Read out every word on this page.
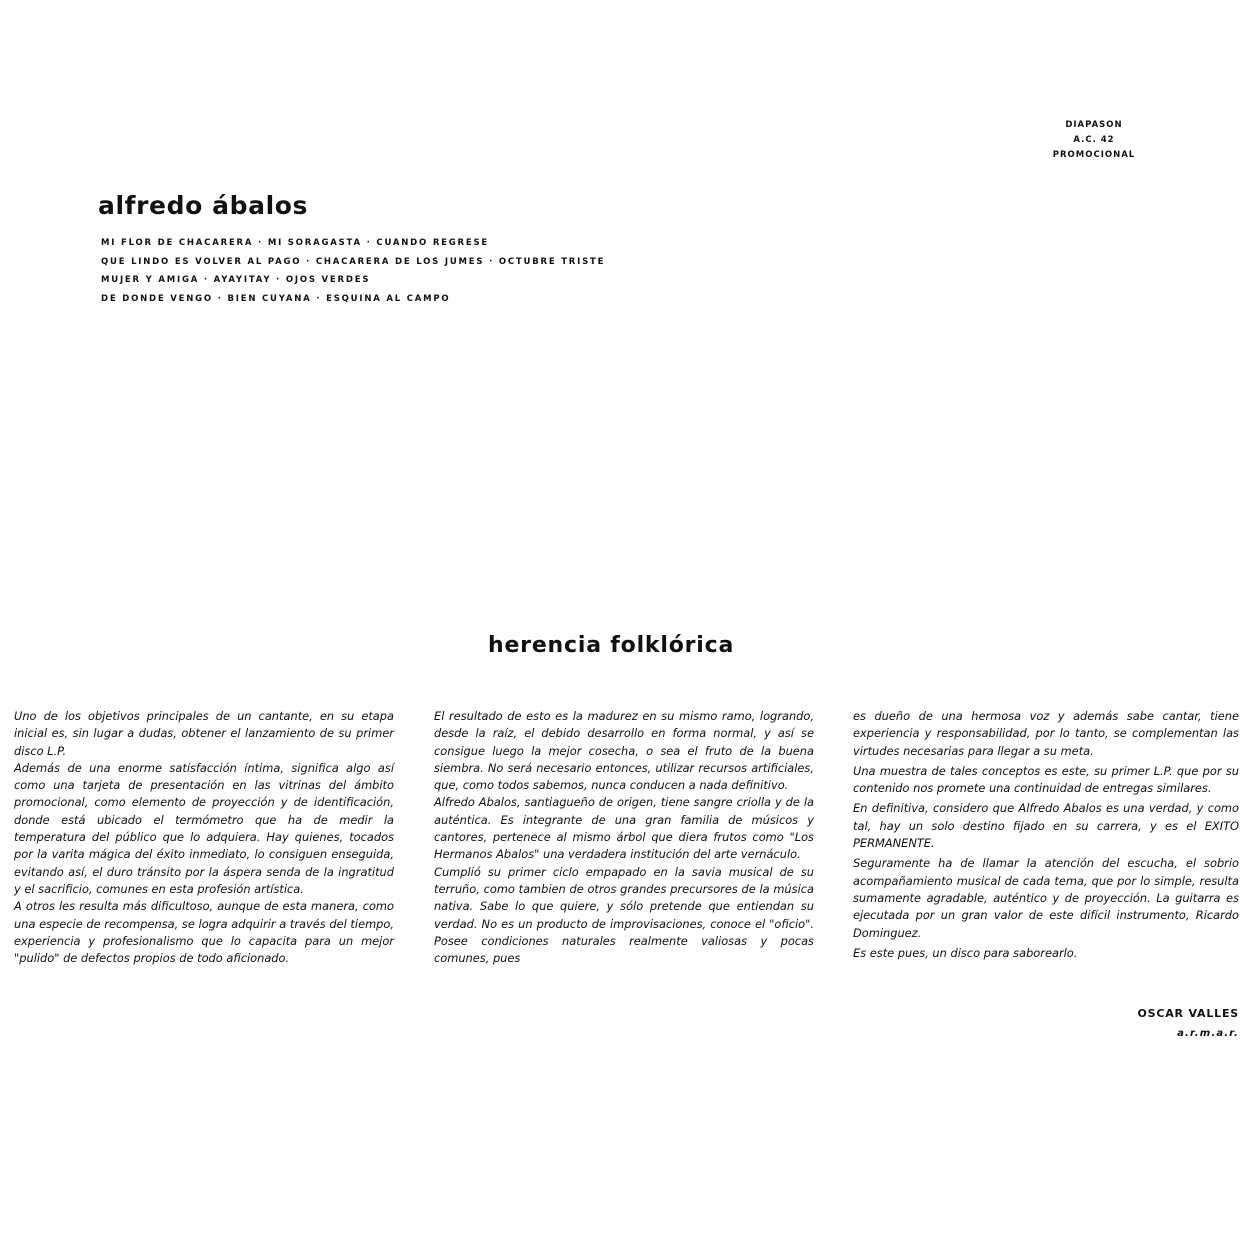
DIAPASON
A.C. 42
PROMOCIONAL
alfredo ábalos
MI FLOR DE CHACARERA · MI SORAGASTA · CUANDO REGRESE
QUE LINDO ES VOLVER AL PAGO · CHACARERA DE LOS JUMES · OCTUBRE TRISTE
MUJER Y AMIGA · AYAYITAY · OJOS VERDES
DE DONDE VENGO · BIEN CUYANA · ESQUINA AL CAMPO
herencia folklórica

Uno de los objetivos principales de un cantante, en su etapa inicial es, sin lugar a dudas, obtener el lanzamiento de su primer disco L.P.

Además de una enorme satisfacción íntima, significa algo así como una tarjeta de presentación en las vitrinas del ámbito promocional, como elemento de proyección y de identificación, donde está ubicado el termómetro que ha de medir la temperatura del público que lo adquiera. Hay quienes, tocados por la varita mágica del éxito inmediato, lo consiguen enseguida, evitando así, el duro tránsito por la áspera senda de la ingratitud y el sacrificio, comunes en esta profesión artística.

A otros les resulta más dificultoso, aunque de esta manera, como una especie de recompensa, se logra adquirir a través del tiempo, experiencia y profesionalismo que lo capacita para un mejor "pulido" de defectos propios de todo aficionado.

El resultado de esto es la madurez en su mismo ramo, logrando, desde la raíz, el debido desarrollo en forma normal, y así se consigue luego la mejor cosecha, o sea el fruto de la buena siembra. No será necesario entonces, utilizar recursos artificiales, que, como todos sabemos, nunca conducen a nada definitivo.

Alfredo Abalos, santiagueño de origen, tiene sangre criolla y de la auténtica. Es integrante de una gran familia de músicos y cantores, pertenece al mismo árbol que diera frutos como "Los Hermanos Abalos" una verdadera institución del arte vernáculo.

Cumplió su primer ciclo empapado en la savia musical de su terruño, como tambien de otros grandes precursores de la música nativa. Sabe lo que quiere, y sólo pretende que entiendan su verdad. No es un producto de improvisaciones, conoce el "oficio". Posee condiciones naturales realmente valiosas y pocas comunes, pues

es dueño de una hermosa voz y además sabe cantar, tiene experiencia y responsabilidad, por lo tanto, se complementan las virtudes necesarias para llegar a su meta.

Una muestra de tales conceptos es este, su primer L.P. que por su contenido nos promete una continuidad de entregas similares.

En definitiva, considero que Alfredo Abalos es una verdad, y como tal, hay un solo destino fijado en su carrera, y es el EXITO PERMANENTE.

Seguramente ha de llamar la atención del escucha, el sobrio acompañamiento musical de cada tema, que por lo simple, resulta sumamente agradable, auténtico y de proyección. La guitarra es ejecutada por un gran valor de este difícil instrumento, Ricardo Dominguez.

Es este pues, un disco para saborearlo.

OSCAR VALLES
a.r.m.a.r.
